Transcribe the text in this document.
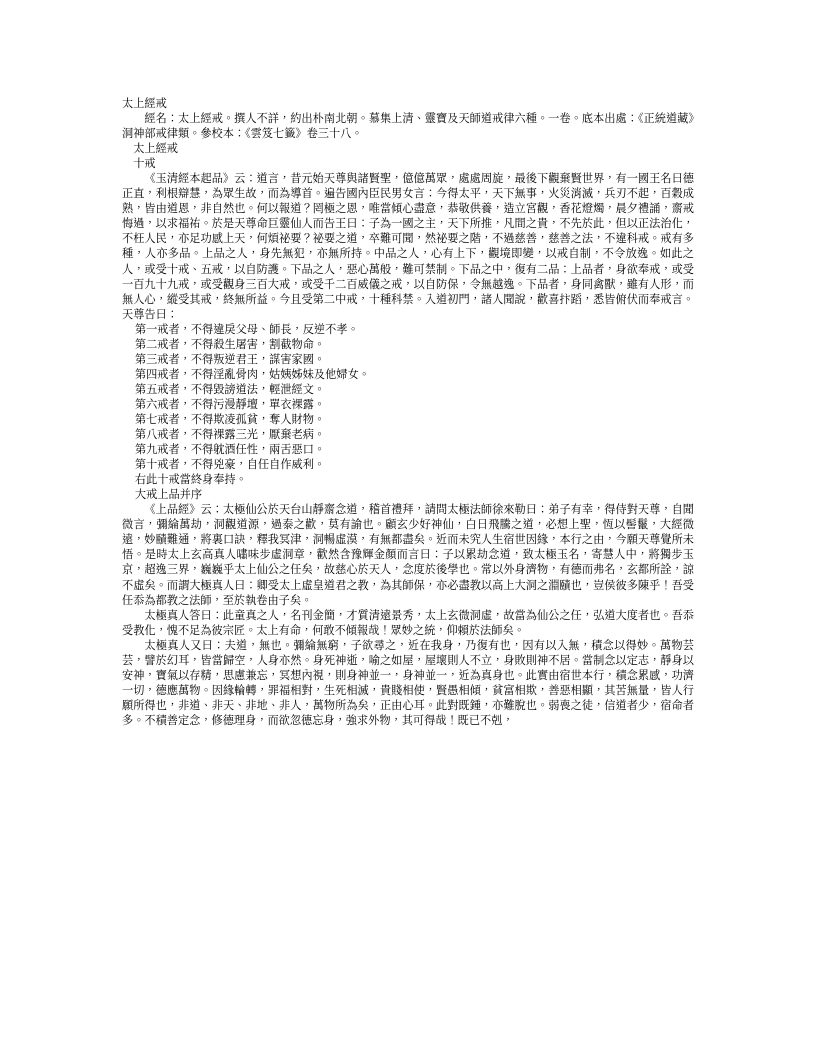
太上經戒

經名：太上經戒。撰人不詳，約出朴南北朝。慕集上清、靈寶及天師道戒律六種。一卷。底本出處：《正統道藏》洞神部戒律類。參校本：《雲笈七籤》卷三十八。

太上經戒

十戒

《玉清經本起品》云：道言，昔元始天尊與諸賢聖，億億萬眾，處處周旋，最後下觀棄賢世界，有一國王名曰德正直，利根辯慧，為眾生故，而為導首。遍告國內臣民男女言：今得太平，天下無事，火災消滅，兵刃不起，百穀成熟，皆由道恩，非自然也。何以報道？罔極之恩，唯當傾心盡意，恭敬供養，造立宮觀，香花燈燭，晨夕禮誦，齋戒悔過，以求福祐。於是天尊命巨靈仙人而告王曰：子為一國之主，天下所推，凡間之貴，不先於此，但以正法治化，不枉人民，亦足功感上天，何煩祕要？祕要之道，卒難可聞，然祕要之階，不過慈善，慈善之法，不違科戒。戒有多種，人亦多品。上品之人，身先無犯，亦無所持。中品之人，心有上下，觀境即變，以戒自制，不令放逸。如此之人，或受十戒、五戒，以自防護。下品之人，惡心萬般，難可禁制。下品之中，復有二品：上品者，身欲奉戒，或受一百九十九戒，或受觀身三百大戒，或受千二百威儀之戒，以自防保，令無越逸。下品者，身同禽獸，雖有人形，而無人心，縱受其戒，終無所益。今且受第二中戒，十種科禁。入道初門，諸人聞說，歡喜抃蹈，悉皆俯伏而奉戒言。天尊告曰：

第一戒者，不得違戾父母、師長，反逆不孝。

第二戒者，不得殺生屠害，割截物命。

第三戒者，不得叛逆君王，謀害家國。

第四戒者，不得淫亂骨肉，姑姨姊妹及他婦女。

第五戒者，不得毀謗道法，輕泄經文。

第六戒者，不得污漫靜壇，單衣裸露。

第七戒者，不得欺凌孤貧，奪人財物。

第八戒者，不得裸露三光，厭棄老病。

第九戒者，不得躭酒任性，兩舌惡口。

第十戒者，不得兇豪，自任自作威利。

右此十戒當終身奉持。

大戒上品并序

《上品經》云：太極仙公於天台山靜齋念道，稽首禮拜，請問太極法師徐來勒曰：弟子有幸，得侍對天尊，自聞微言，彌綸萬劫，洞觀道源，過泰之歡，莫有諭也。顧玄少好神仙，白日飛騰之道，必想上聖，恆以髻鬣，大經微遠，妙賾難通，將裏口訣，釋我冥津，洞暢虛漠，有無都盡矣。近而未究人生宿世因緣，本行之由，今願天尊覺所未悟。是時太上玄高真人嘯味步虛洞章，歡然含豫輝金顏而言曰：子以累劫念道，致太極玉名，寄慧人中，將獨步玉京，超逸三界，巍巍乎太上仙公之任矣，故慈心於天人，念度於後學也。常以外身濟物，有德而弗名，玄都所詮，諒不虛矣。而謂大極真人曰：卿受太上虛皇道君之教，為其師保，亦必盡教以高上大洞之淵賾也，豈侯彼多陳乎！吾受任忝為都教之法師，至於執卷由子矣。

太極真人答曰：此童真之人，名刊金簡，才質清遠景秀，太上玄微洞虛，故當為仙公之任，弘道大度者也。吾忝受教化，愧不足為彼宗匠。太上有命，何敢不傾報哉！眾妙之統，仰賴於法師矣。

太極真人又曰：夫道，無也。彌綸無窮，子欲尋之，近在我身，乃復有也，因有以入無，積念以得妙。萬物芸芸，譬於幻耳，皆當歸空，人身亦然。身死神逝，喻之如屋，屋壞則人不立，身敗則神不居。當制念以定志，靜身以安神，寶氣以存精，思慮兼忘，冥想內視，則身神並一，身神並一，近為真身也。此實由宿世本行，積念累感，功濟一切，德應萬物。因緣輪轉，罪福相對，生死相滅，貴賤相使，賢愚相傾，貧富相欺，善惡相顯，其苦無量，皆人行願所得也，非道、非天、非地、非人，萬物所為矣，正由心耳。此對既鍾，亦難脫也。弱喪之徒，信道者少，宿命者多。不積善定念，修德理身，而欲忽德忘身，強求外物，其可得哉！既已不剋，
